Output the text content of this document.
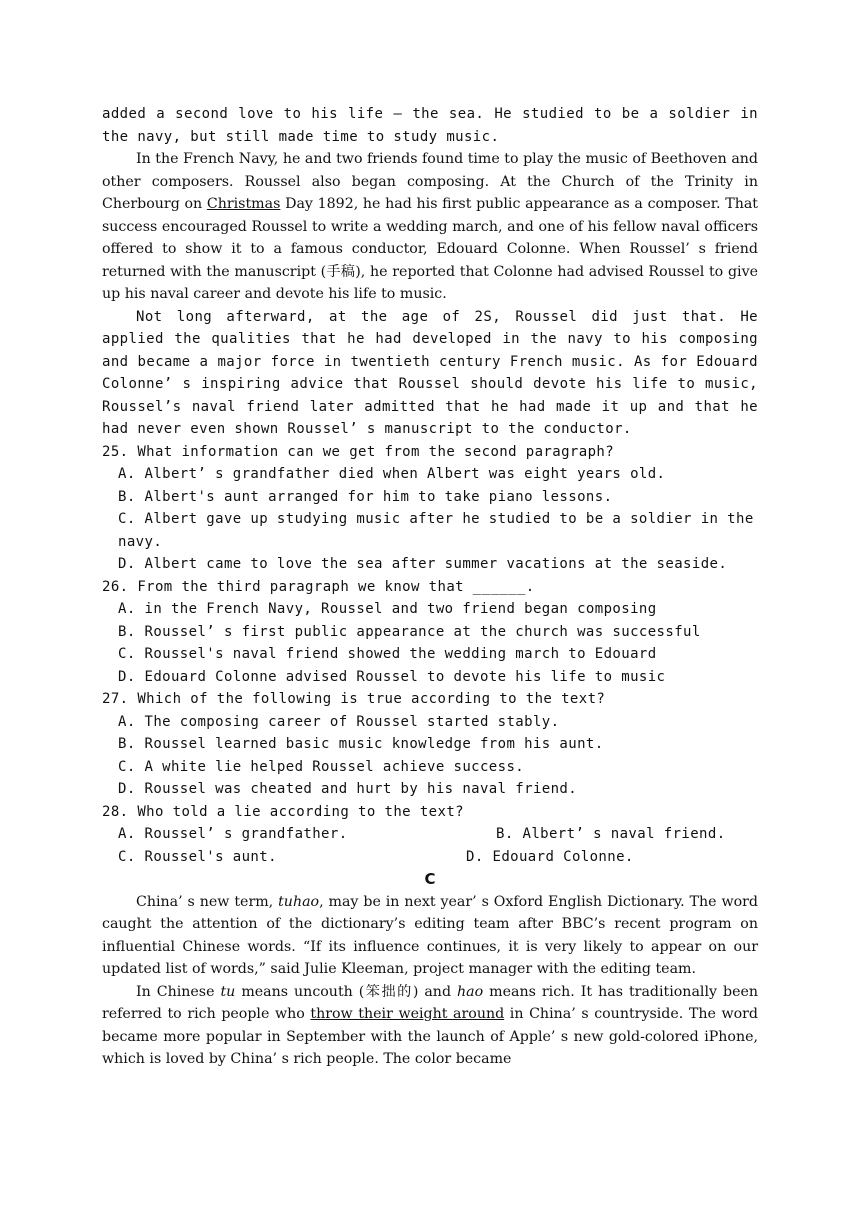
added a second love to his life — the sea. He studied to be a soldier in the navy, but still made time to study music.

In the French Navy, he and two friends found time to play the music of Beethoven and other composers. Roussel also began composing. At the Church of the Trinity in Cherbourg on Christmas Day 1892, he had his first public appearance as a composer. That success encouraged Roussel to write a wedding march, and one of his fellow naval officers offered to show it to a famous conductor, Edouard Colonne. When Roussel’ s friend returned with the manuscript (手稿), he reported that Colonne had advised Roussel to give up his naval career and devote his life to music.

Not long afterward, at the age of 2S, Roussel did just that. He applied the qualities that he had developed in the navy to his composing and became a major force in twentieth century French music. As for Edouard Colonne’ s inspiring advice that Roussel should devote his life to music, Roussel’s naval friend later admitted that he had made it up and that he had never even shown Roussel’ s manuscript to the conductor.

25. What information can we get from the second paragraph?

A. Albert’ s grandfather died when Albert was eight years old.

B. Albert's aunt arranged for him to take piano lessons.

C. Albert gave up studying music after he studied to be a soldier in the navy.

D. Albert came to love the sea after summer vacations at the seaside.

26. From the third paragraph we know that ______.

A. in the French Navy, Roussel and two friend began composing

B. Roussel’ s first public appearance at the church was successful

C. Roussel's naval friend showed the wedding march to Edouard

D. Edouard Colonne advised Roussel to devote his life to music

27. Which of the following is true according to the text?

A. The composing career of Roussel started stably.

B. Roussel learned basic music knowledge from his aunt.

C. A white lie helped Roussel achieve success.

D. Roussel was cheated and hurt by his naval friend.

28. Who told a lie according to the text?

A. Roussel’ s grandfather.	B. Albert’ s naval friend.
C. Roussel's aunt.	D. Edouard Colonne.

C

China’ s new term, tuhao, may be in next year’ s Oxford English Dictionary. The word caught the attention of the dictionary’s editing team after BBC’s recent program on influential Chinese words. “If its influence continues, it is very likely to appear on our updated list of words,” said Julie Kleeman, project manager with the editing team.

In Chinese tu means uncouth (笨拙的) and hao means rich. It has traditionally been referred to rich people who throw their weight around in China’ s countryside. The word became more popular in September with the launch of Apple’ s new gold-colored iPhone, which is loved by China’ s rich people. The color became
